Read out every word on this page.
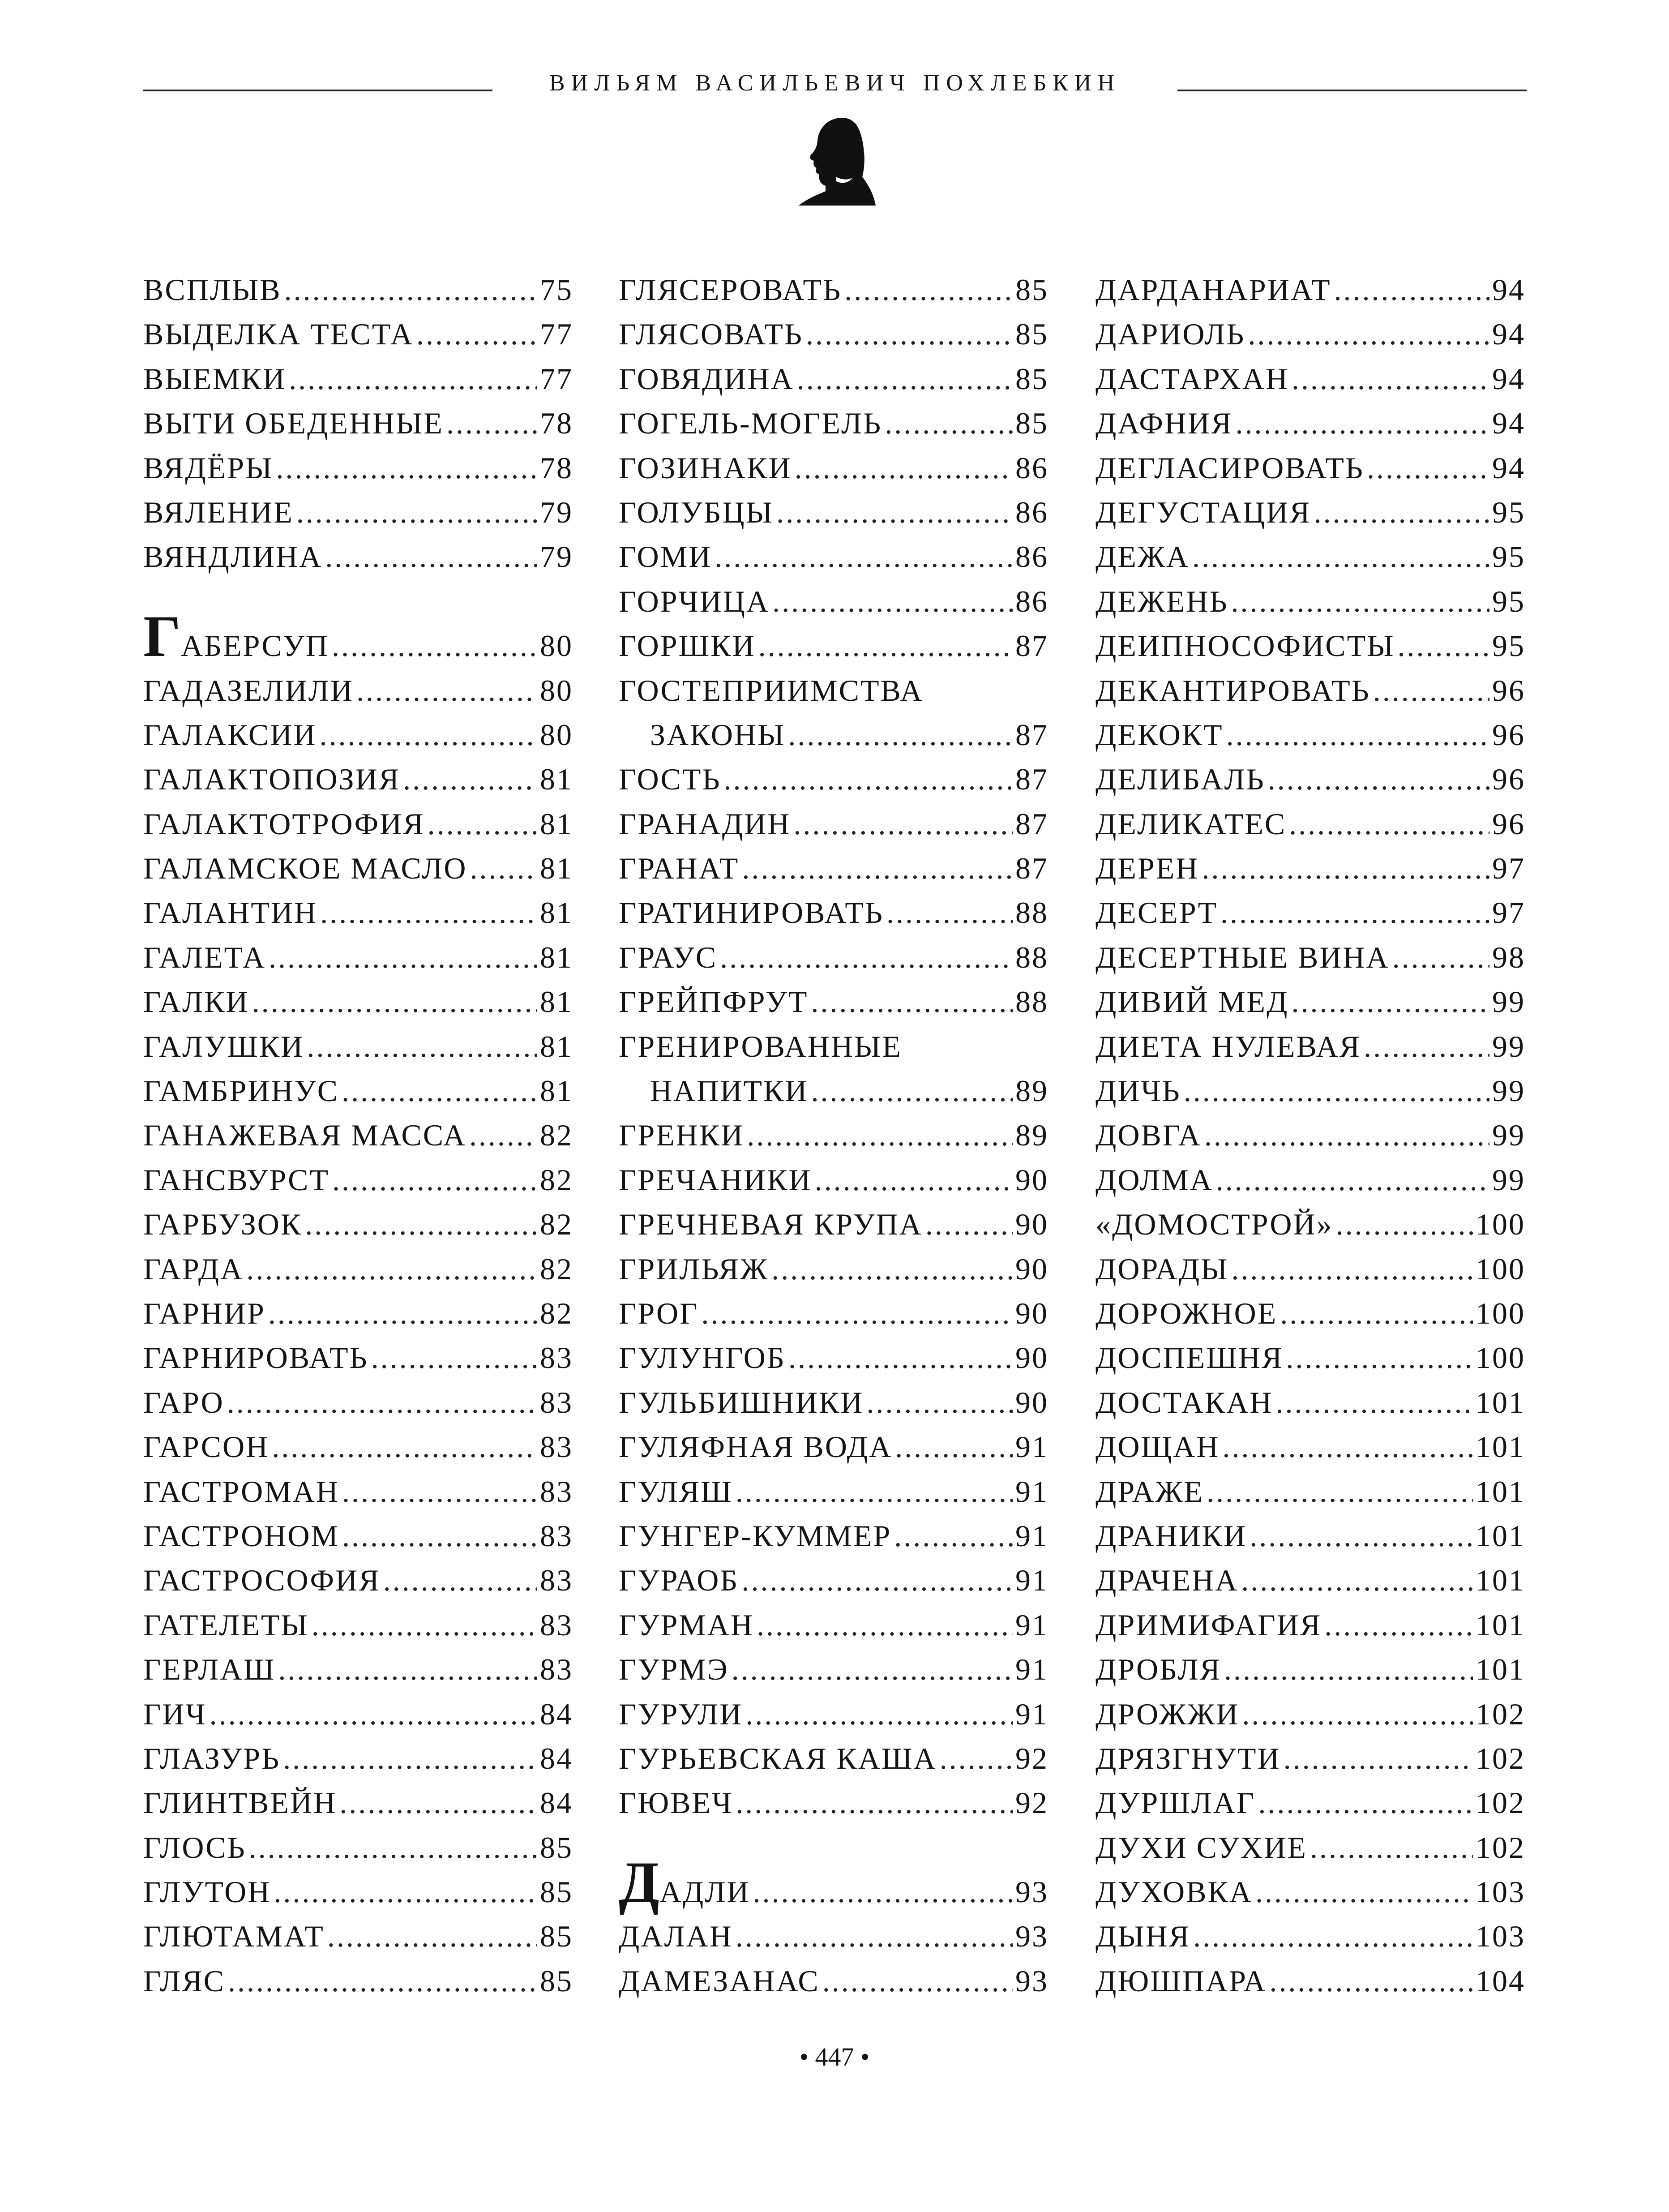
ВИЛЬЯМ ВАСИЛЬЕВИЧ ПОХЛЕБКИН
ВСПЛЫВ .....	75
ВЫДЕЛКА ТЕСТА .....	77
ВЫЕМКИ .....	77
ВЫТИ ОБЕДЕННЫЕ .....	78
ВЯДЁРЫ .....	78
ВЯЛЕНИЕ .....	79
ВЯНДЛИНА .....	79
ГАБЕРСУП .....	80
ГАДАЗЕЛИЛИ .....	80
ГАЛАКСИИ .....	80
ГАЛАКТОПОЗИЯ .....	81
ГАЛАКТОТРОФИЯ .....	81
ГАЛАМСКОЕ МАСЛО ..... 81
ГАЛАНТИН .....	81
ГАЛЕТА .....	81
ГАЛКИ .....	81
ГАЛУШКИ .....	81
ГАМБРИНУС .....	81
ГАНАЖЕВАЯ МАССА ..... 82
ГАНСВУРСТ .....	82
ГАРБУЗОК .....	82
ГАРДА .....	82
ГАРНИР .....	82
ГАРНИРОВАТЬ .....	83
ГАРО .....	83
ГАРСОН .....	83
ГАСТРОМАН .....	83
ГАСТРОНОМ .....	83
ГАСТРОСОФИЯ .....	83
ГАТЕЛЕТЫ .....	83
ГЕРЛАШ .....	83
ГИЧ .....	84
ГЛАЗУРЬ .....	84
ГЛИНТВЕЙН .....	84
ГЛОСЬ .....	85
ГЛУТОН .....	85
ГЛЮТАМАТ .....	85
ГЛЯС .....	85
ГЛЯСЕРОВАТЬ .....	85
ГЛЯСОВАТЬ .....	85
ГОВЯДИНА .....	85
ГОГЕЛЬ-МОГЕЛЬ .....	85
ГОЗИНАКИ .....	86
ГОЛУБЦЫ .....	86
ГОМИ .....	86
ГОРЧИЦА .....	86
ГОРШКИ .....	87
ГОСТЕПРИИМСТВА
ЗАКОНЫ .....	87
ГОСТЬ .....	87
ГРАНАДИН .....	87
ГРАНАТ .....	87
ГРАТИНИРОВАТЬ .....	88
ГРАУС .....	88
ГРЕЙПФРУТ .....	88
ГРЕНИРОВАННЫЕ
НАПИТКИ .....	89
ГРЕНКИ .....	89
ГРЕЧАНИКИ .....	90
ГРЕЧНЕВАЯ КРУПА .....	90
ГРИЛЬЯЖ .....	90
ГРОГ .....	90
ГУЛУНГОБ .....	90
ГУЛЬБИШНИКИ .....	90
ГУЛЯФНАЯ ВОДА .....	91
ГУЛЯШ .....	91
ГУНГЕР-КУММЕР .....	91
ГУРАОБ .....	91
ГУРМАН .....	91
ГУРМЭ .....	91
ГУРУЛИ .....	91
ГУРЬЕВСКАЯ КАША .....	92
ГЮВЕЧ .....	92
ДАДЛИ .....	93
ДАЛАН .....	93
ДАМЕЗАНАС .....	93
ДАРДАНАРИАТ .....	94
ДАРИОЛЬ .....	94
ДАСТАРХАН .....	94
ДАФНИЯ .....	94
ДЕГЛАСИРОВАТЬ .....	94
ДЕГУСТАЦИЯ .....	95
ДЕЖА .....	95
ДЕЖЕНЬ .....	95
ДЕИПНОСОФИСТЫ .....	95
ДЕКАНТИРОВАТЬ .....	96
ДЕКОКТ .....	96
ДЕЛИБАЛЬ .....	96
ДЕЛИКАТЕС .....	96
ДЕРЕН .....	97
ДЕСЕРТ .....	97
ДЕСЕРТНЫЕ ВИНА .....	98
ДИВИЙ МЕД .....	99
ДИЕТА НУЛЕВАЯ .....	99
ДИЧЬ .....	99
ДОВГА .....	99
ДОЛМА .....	99
«ДОМОСТРОЙ» .....	100
ДОРАДЫ .....	100
ДОРОЖНОЕ .....	100
ДОСПЕШНЯ .....	100
ДОСТАКАН .....	101
ДОЩАН .....	101
ДРАЖЕ .....	101
ДРАНИКИ .....	101
ДРАЧЕНА .....	101
ДРИМИФАГИЯ .....	101
ДРОБЛЯ .....	101
ДРОЖЖИ .....	102
ДРЯЗГНУТИ .....	102
ДУРШЛАГ .....	102
ДУХИ СУХИЕ .....	102
ДУХОВКА .....	103
ДЫНЯ .....	103
ДЮШПАРА .....	104
• 447 •
